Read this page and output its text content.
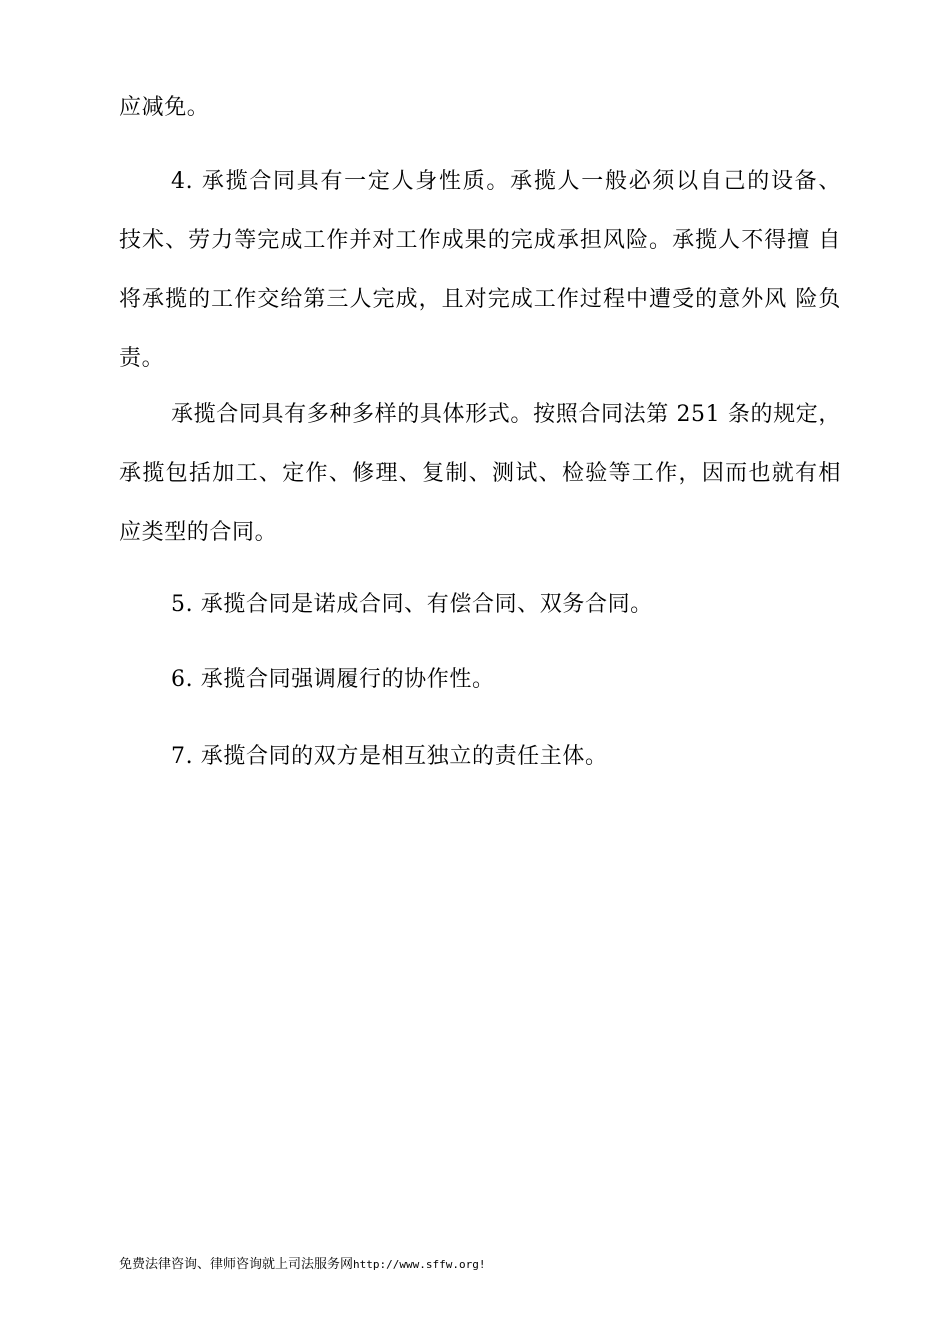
应减免。

4. 承揽合同具有一定人身性质。承揽人一般必须以自己的设备、 技术、劳力等完成工作并对工作成果的完成承担风险。承揽人不得擅 自将承揽的工作交给第三人完成，且对完成工作过程中遭受的意外风 险负责。

承揽合同具有多种多样的具体形式。按照合同法第 251 条的规定，承揽包括加工、定作、修理、复制、测试、检验等工作，因而也就有相应类型的合同。

5. 承揽合同是诺成合同、有偿合同、双务合同。

6. 承揽合同强调履行的协作性。

7. 承揽合同的双方是相互独立的责任主体。

免费法律咨询、律师咨询就上司法服务网http://www.sffw.org!
